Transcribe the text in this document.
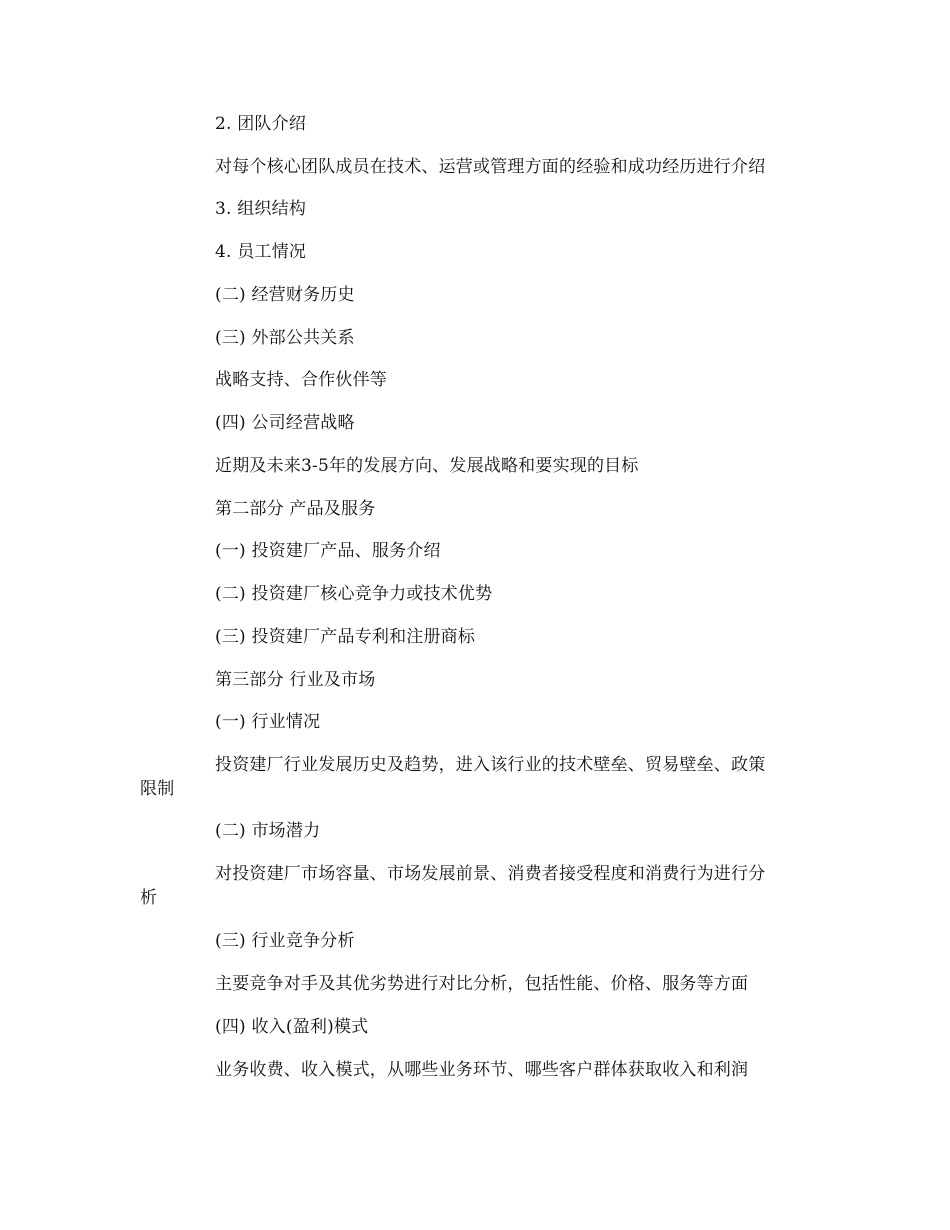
2. 团队介绍
对每个核心团队成员在技术、运营或管理方面的经验和成功经历进行介绍
3. 组织结构
4. 员工情况
(二) 经营财务历史
(三) 外部公共关系
战略支持、合作伙伴等
(四) 公司经营战略
近期及未来3-5年的发展方向、发展战略和要实现的目标
第二部分 产品及服务
(一) 投资建厂产品、服务介绍
(二) 投资建厂核心竞争力或技术优势
(三) 投资建厂产品专利和注册商标
第三部分 行业及市场
(一) 行业情况
投资建厂行业发展历史及趋势，进入该行业的技术壁垒、贸易壁垒、政策
限制
(二) 市场潜力
对投资建厂市场容量、市场发展前景、消费者接受程度和消费行为进行分
析
(三) 行业竞争分析
主要竞争对手及其优劣势进行对比分析，包括性能、价格、服务等方面
(四) 收入(盈利)模式
业务收费、收入模式，从哪些业务环节、哪些客户群体获取收入和利润
